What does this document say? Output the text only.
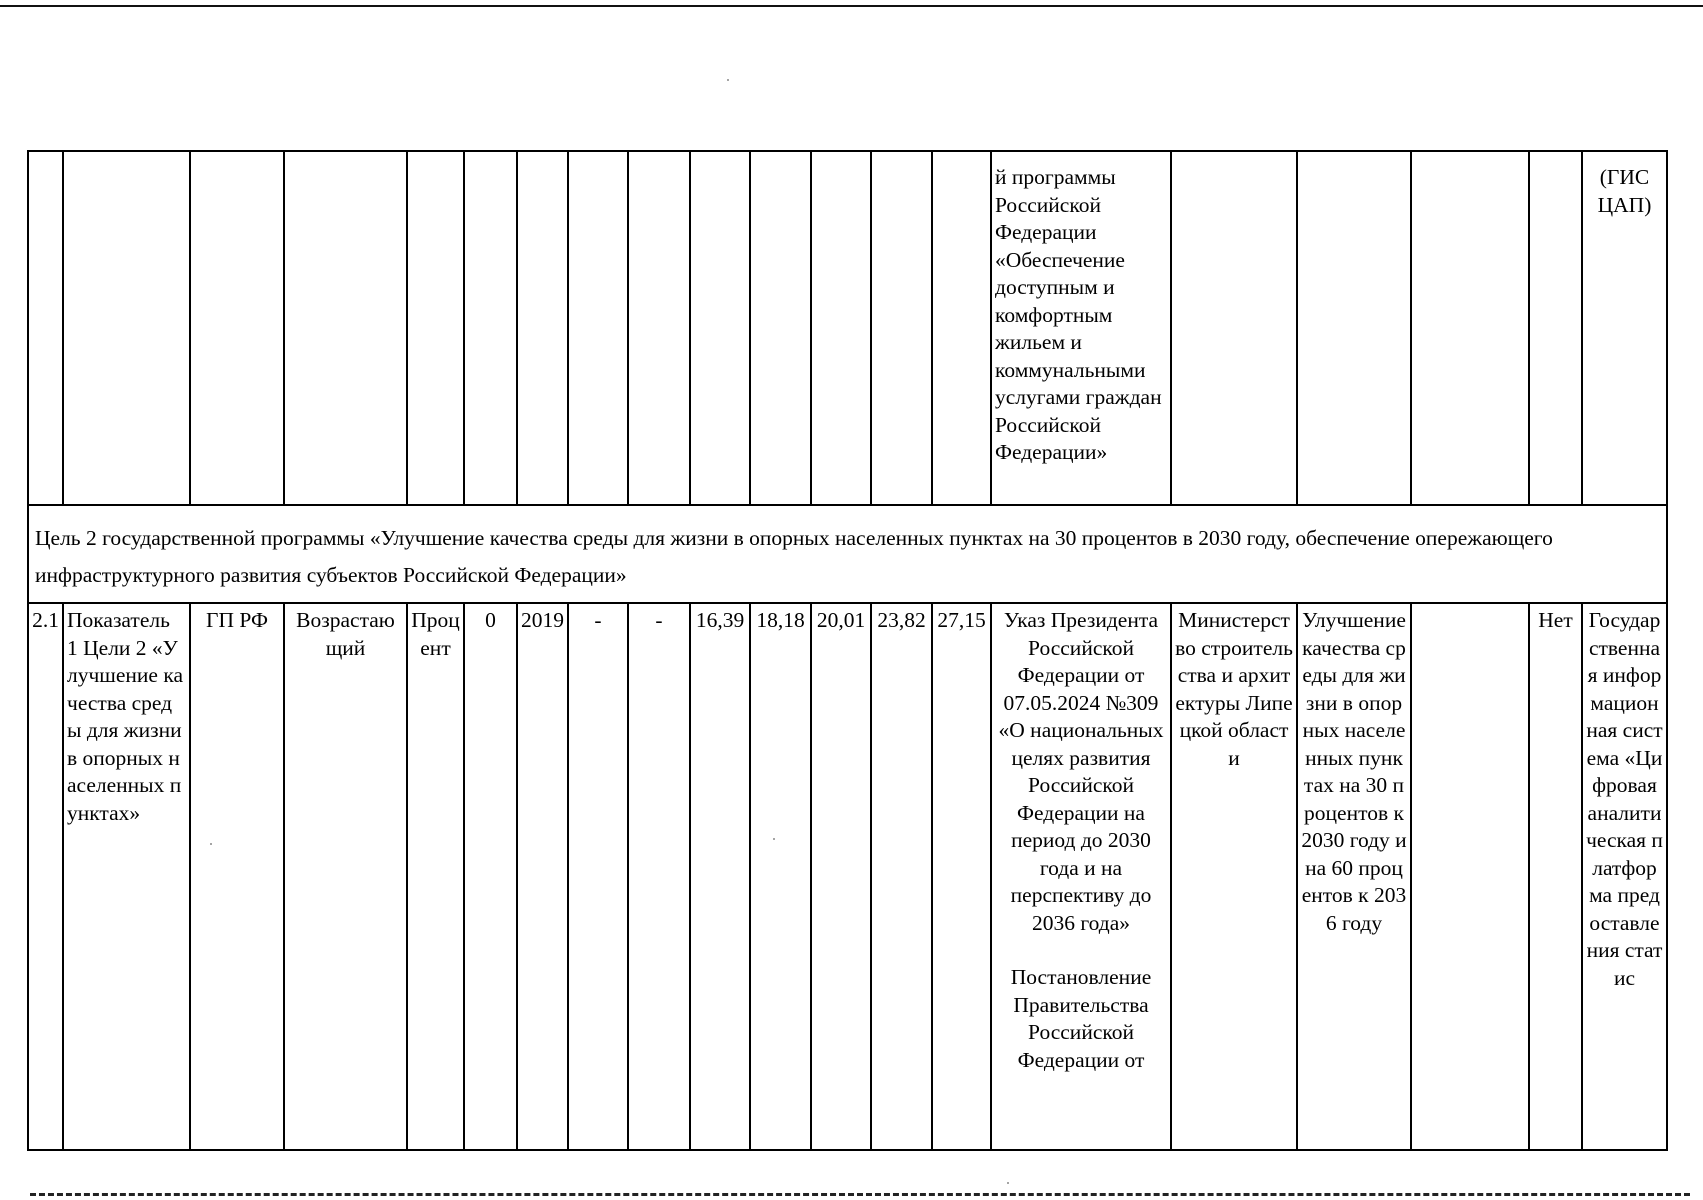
														й программы Российской Федерации «Обеспечение доступным и комфортным жильем и коммунальными услугами граждан Российской Федерации»					(ГИС ЦАП)
Цель 2 государственной программы «Улучшение качества среды для жизни в опорных населенных пунктах на 30 процентов в 2030 году, обеспечение опережающего инфраструктурного развития субъектов Российской Федерации»																			
2.1	Показатель 1 Цели 2 «Улучшение качества среды для жизни в опорных населенных пунктах»	ГП РФ	Возрастающий	Процент	0	2019	-	-	16,39	18,18	20,01	23,82	27,15	Указ Президента Российской Федерации от 07.05.2024 №309 «О национальных целях развития Российской Федерации на период до 2030 года и на перспективу до 2036 года»
Постановление Правительства Российской Федерации от	Министерство строительства и архитектуры Липецкой области	Улучшение качества среды для жизни в опорных населенных пунктах на 30 процентов к 2030 году и на 60 процентов к 2036 году		Нет	Государственная информационная система «Цифровая аналитическая платформа предоставления статис
